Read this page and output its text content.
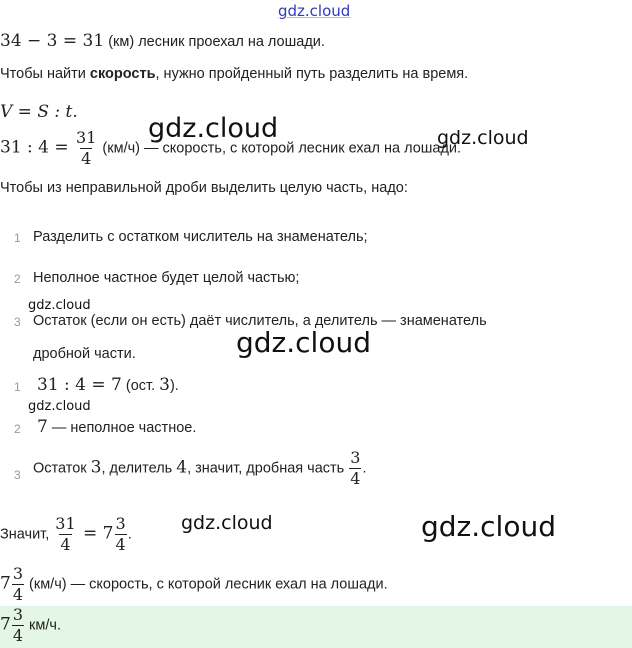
gdz.cloud
gdz.cloud	gdz.cloud
gdz.cloud
gdz.cloud
gdz.cloud
gdz.cloud	gdz.cloud
34 − 3 = 31 (км) лесник проехал на лошади.
Чтобы найти скорость, нужно пройденный путь разделить на время.
V = S : t.
31 : $4 = \frac{31}{4} (км/ч)$ — скорость, с которой лесник ехал на лошади.
Чтобы из неправильной дроби выделить целую часть, надо:
1 Разделить с остатком числитель на знаменатель;
2 Неполное частное будет целой частью;
3 Остаток (если он есть) даёт числитель, а делитель — знаменатель
дробной части.
1 31 : 4 = 7 (ост. 3).
2 7 — неполное частное.
3 Остаток 3, делитель 4, значит, дробная часть $\frac{3}{4}$ .
Значит, $\frac{31}{4} = 7 \frac{3}{4}$ .
$7 \frac{3}{4} (км/ч)$ — скорость, с которой лесник ехал на лошади.
$7 \frac{3}{4} км/ч$.
